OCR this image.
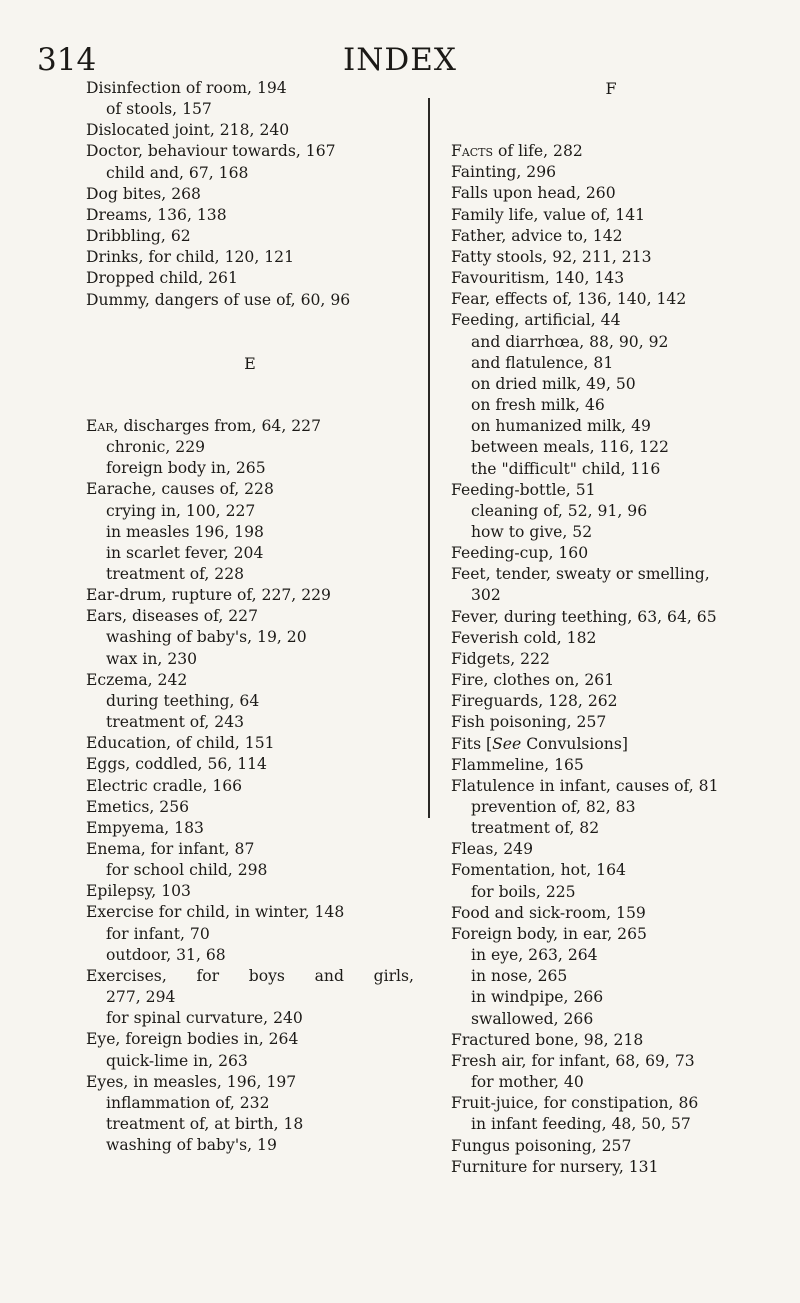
314	INDEX

Disinfection of room, 194

of stools, 157

Dislocated joint, 218, 240

Doctor, behaviour towards, 167

child and, 67, 168

Dog bites, 268

Dreams, 136, 138

Dribbling, 62

Drinks, for child, 120, 121

Dropped child, 261

Dummy, dangers of use of, 60, 96

E

Ear, discharges from, 64, 227

chronic, 229

foreign body in, 265

Earache, causes of, 228

crying in, 100, 227

in measles 196, 198

in scarlet fever, 204

treatment of, 228

Ear-drum, rupture of, 227, 229

Ears, diseases of, 227

washing of baby's, 19, 20

wax in, 230

Eczema, 242

during teething, 64

treatment of, 243

Education, of child, 151

Eggs, coddled, 56, 114

Electric cradle, 166

Emetics, 256

Empyema, 183

Enema, for infant, 87

for school child, 298

Epilepsy, 103

Exercise for child, in winter, 148

for infant, 70

outdoor, 31, 68

Exercises, for boys and girls,

277, 294

for spinal curvature, 240

Eye, foreign bodies in, 264

quick-lime in, 263

Eyes, in measles, 196, 197

inflammation of, 232

treatment of, at birth, 18

washing of baby's, 19

F

Facts of life, 282

Fainting, 296

Falls upon head, 260

Family life, value of, 141

Father, advice to, 142

Fatty stools, 92, 211, 213

Favouritism, 140, 143

Fear, effects of, 136, 140, 142

Feeding, artificial, 44

and diarrhœa, 88, 90, 92

and flatulence, 81

on dried milk, 49, 50

on fresh milk, 46

on humanized milk, 49

between meals, 116, 122

the "difficult" child, 116

Feeding-bottle, 51

cleaning of, 52, 91, 96

how to give, 52

Feeding-cup, 160

Feet, tender, sweaty or smelling,

302

Fever, during teething, 63, 64, 65

Feverish cold, 182

Fidgets, 222

Fire, clothes on, 261

Fireguards, 128, 262

Fish poisoning, 257

Fits [See Convulsions]

Flammeline, 165

Flatulence in infant, causes of, 81

prevention of, 82, 83

treatment of, 82

Fleas, 249

Fomentation, hot, 164

for boils, 225

Food and sick-room, 159

Foreign body, in ear, 265

in eye, 263, 264

in nose, 265

in windpipe, 266

swallowed, 266

Fractured bone, 98, 218

Fresh air, for infant, 68, 69, 73

for mother, 40

Fruit-juice, for constipation, 86

in infant feeding, 48, 50, 57

Fungus poisoning, 257

Furniture for nursery, 131
